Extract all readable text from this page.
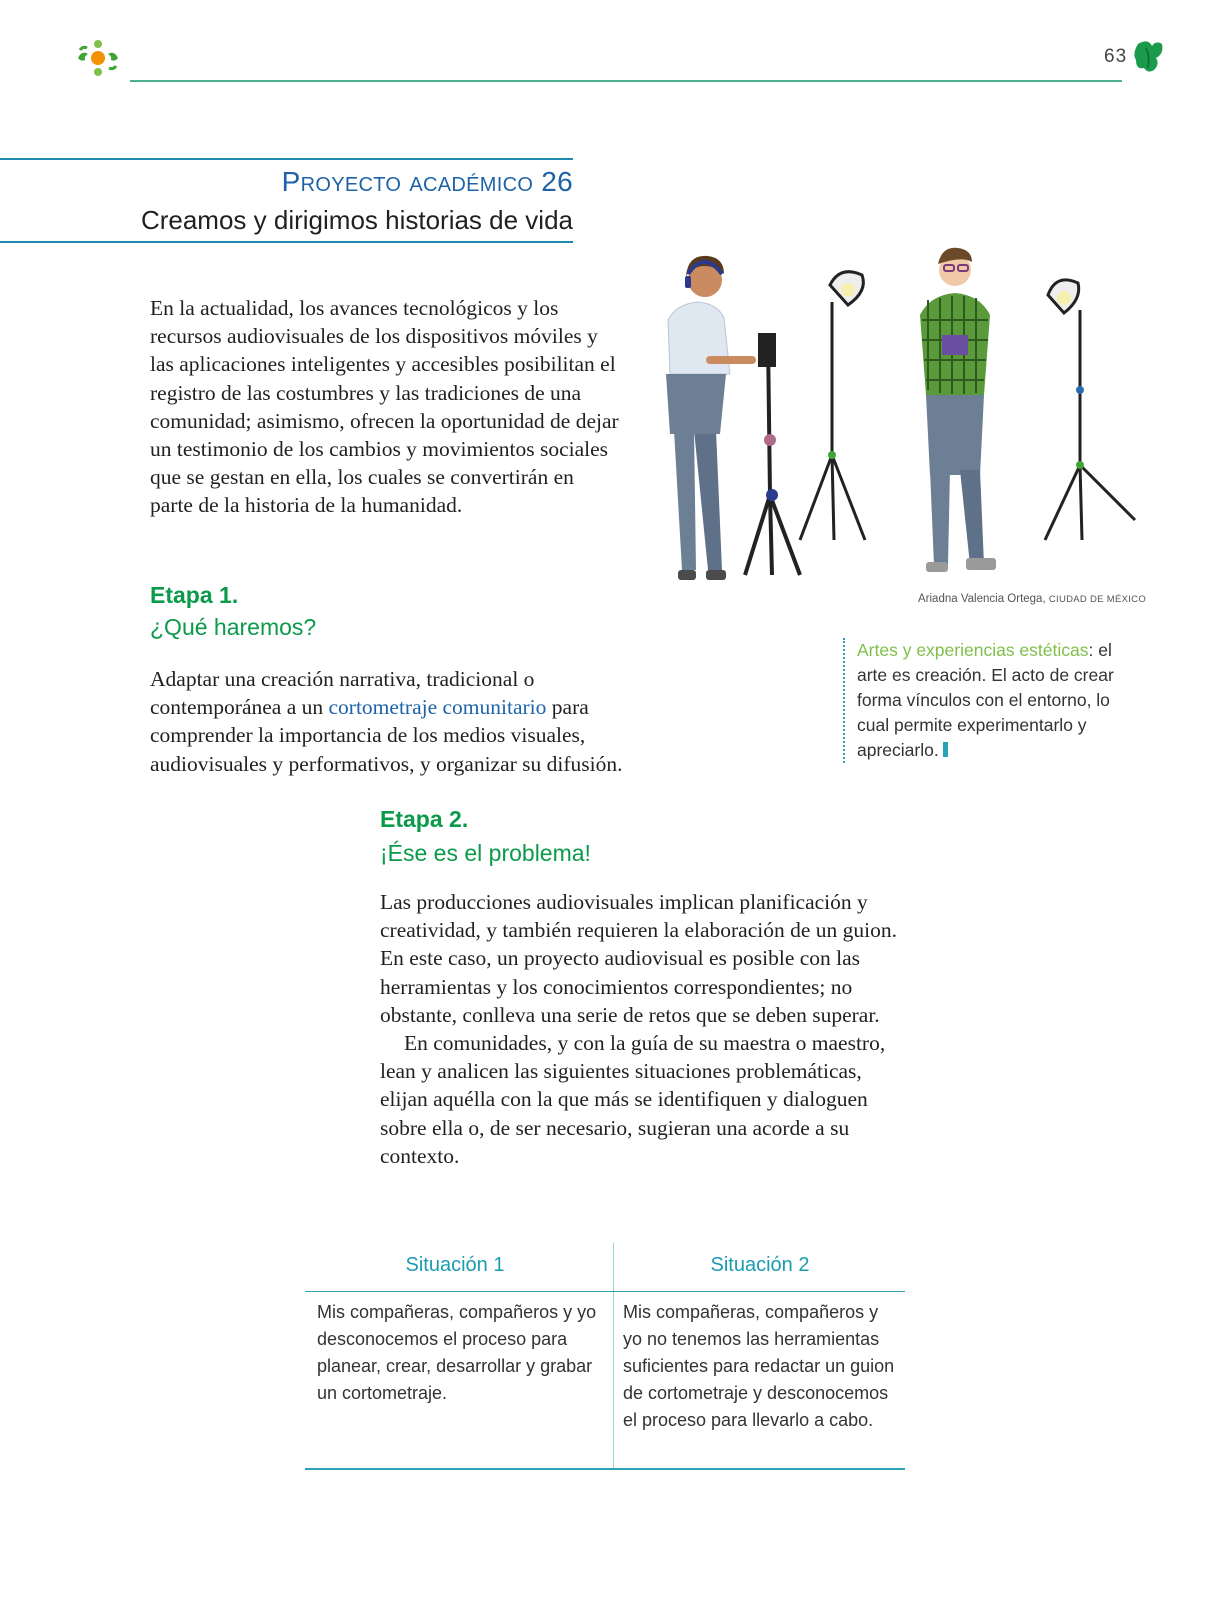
63
Proyecto académico 26
Creamos y dirigimos historias de vida

En la actualidad, los avances tecnológicos y los recursos audiovisuales de los dispositivos móviles y las aplicaciones inteligentes y accesibles posibilitan el registro de las costumbres y las tradiciones de una comunidad; asimismo, ofrecen la oportunidad de dejar un testimonio de los cambios y movimientos sociales que se gestan en ella, los cuales se convertirán en parte de la historia de la humanidad.

Ariadna Valencia Ortega, CIUDAD DE MÉXICO
Artes y experiencias estéticas: el arte es creación. El acto de crear forma vínculos con el entorno, lo cual permite experimentarlo y apreciarlo.
Etapa 1.
¿Qué haremos?

Adaptar una creación narrativa, tradicional o contemporánea a un cortometraje comunitario para comprender la importancia de los medios visuales, audiovisuales y performativos, y organizar su difusión.

Etapa 2.
¡Ése es el problema!

Las producciones audiovisuales implican planificación y creatividad, y también requieren la elaboración de un guion. En este caso, un proyecto audiovisual es posible con las herramientas y los conocimientos correspondientes; no obstante, conlleva una serie de retos que se deben superar.

En comunidades, y con la guía de su maestra o maestro, lean y analicen las siguientes situaciones problemáticas, elijan aquélla con la que más se identifiquen y dialoguen sobre ella o, de ser necesario, sugieran una acorde a su contexto.

Situación 1	Situación 2
Mis compañeras, compañeros y yo desconocemos el proceso para planear, crear, desarrollar y grabar un cortometraje.
Mis compañeras, compañeros y yo no tenemos las herramientas suficientes para redactar un guion de cortometraje y desconocemos el proceso para llevarlo a cabo.
